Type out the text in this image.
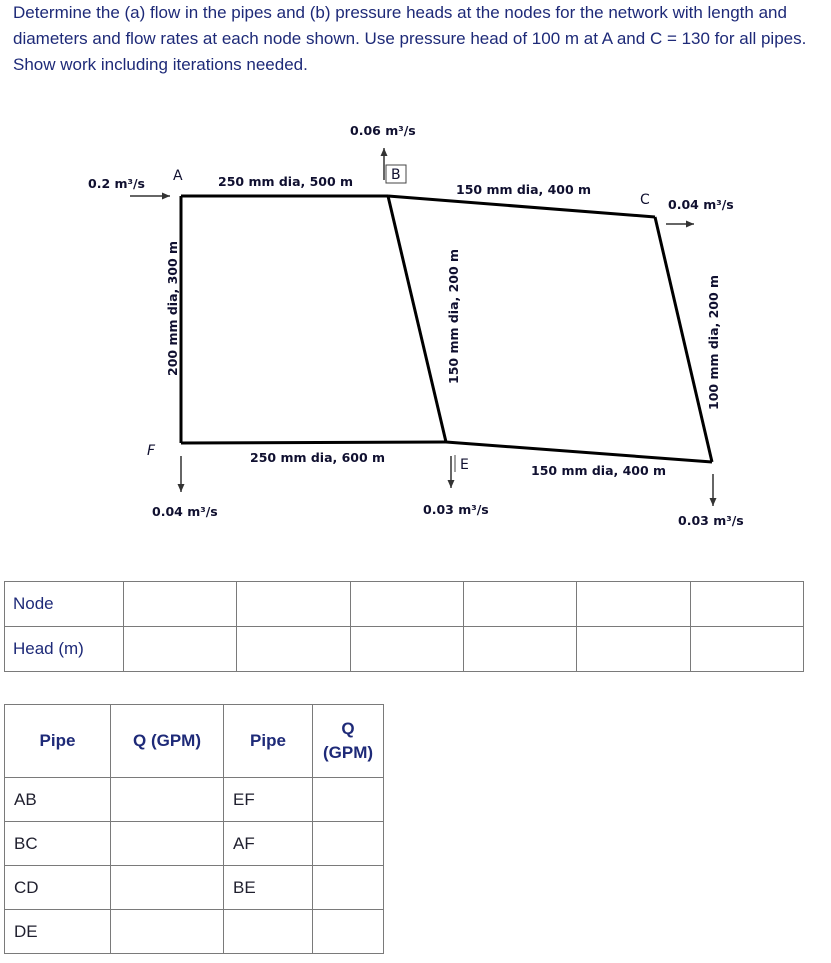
Determine the (a) flow in the pipes and (b) pressure heads at the nodes for the network with length and diameters and flow rates at each node shown. Use pressure head of 100 m at A and C = 130 for all pipes. Show work including iterations needed.
A	B
C
F
E
0.2 m³/s
0.06 m³/s
0.04 m³/s
0.04 m³/s	0.03 m³/s
0.03 m³/s
250 mm dia, 500 m
150 mm dia, 400 m
250 mm dia, 600 m
150 mm dia, 400 m
200 mm dia, 300 m	150 mm dia, 200 m	100 mm dia, 200 m
Node						
Head (m)						
Pipe	Q (GPM)	Pipe	Q
(GPM)
AB		EF	
BC		AF	
CD		BE	
DE			
